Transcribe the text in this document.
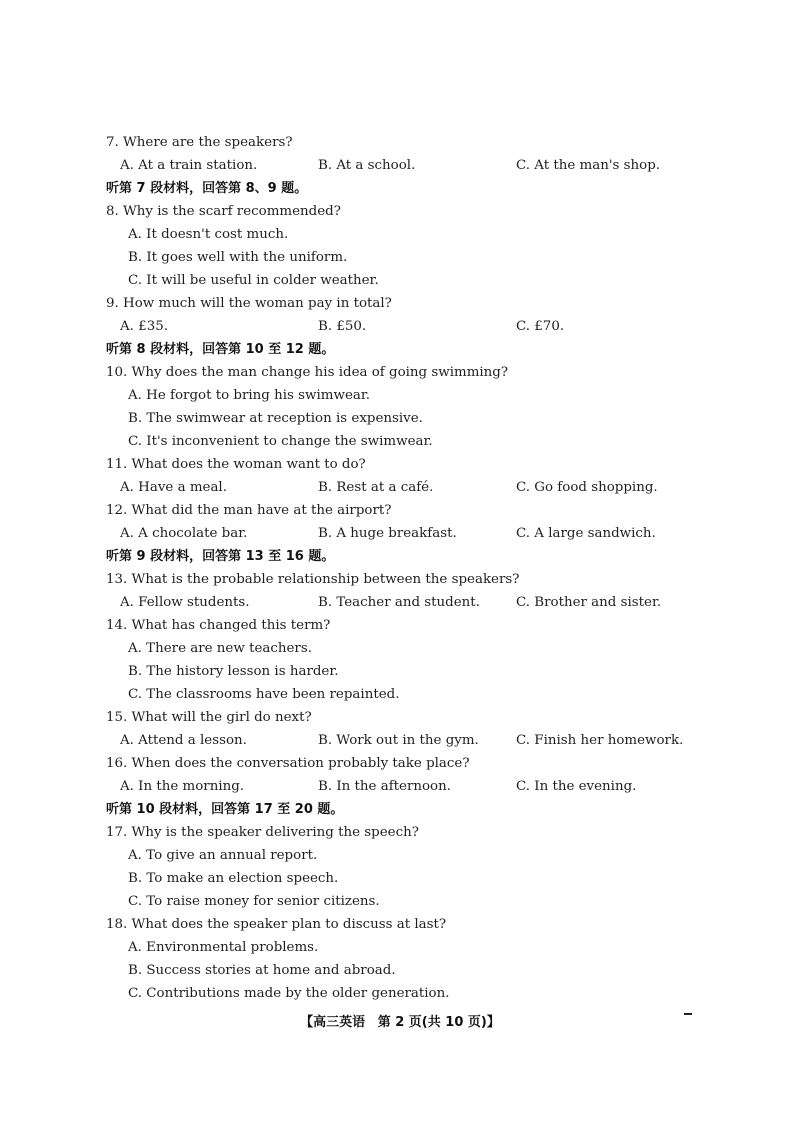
7. Where are the speakers?
A. At a train station.	B. At a school.	C. At the man's shop.
听第 7 段材料，回答第 8、9 题。
8. Why is the scarf recommended?
A. It doesn't cost much.
B. It goes well with the uniform.
C. It will be useful in colder weather.
9. How much will the woman pay in total?
A. £35.	B. £50.	C. £70.
听第 8 段材料，回答第 10 至 12 题。
10. Why does the man change his idea of going swimming?
A. He forgot to bring his swimwear.
B. The swimwear at reception is expensive.
C. It's inconvenient to change the swimwear.
11. What does the woman want to do?
A. Have a meal.	B. Rest at a café.	C. Go food shopping.
12. What did the man have at the airport?
A. A chocolate bar.	B. A huge breakfast.	C. A large sandwich.
听第 9 段材料，回答第 13 至 16 题。
13. What is the probable relationship between the speakers?
A. Fellow students.	B. Teacher and student.	C. Brother and sister.
14. What has changed this term?
A. There are new teachers.
B. The history lesson is harder.
C. The classrooms have been repainted.
15. What will the girl do next?
A. Attend a lesson.	B. Work out in the gym.	C. Finish her homework.
16. When does the conversation probably take place?
A. In the morning.	B. In the afternoon.	C. In the evening.
听第 10 段材料，回答第 17 至 20 题。
17. Why is the speaker delivering the speech?
A. To give an annual report.
B. To make an election speech.
C. To raise money for senior citizens.
18. What does the speaker plan to discuss at last?
A. Environmental problems.
B. Success stories at home and abroad.
C. Contributions made by the older generation.
【高三英语 第 2 页(共 10 页)】
